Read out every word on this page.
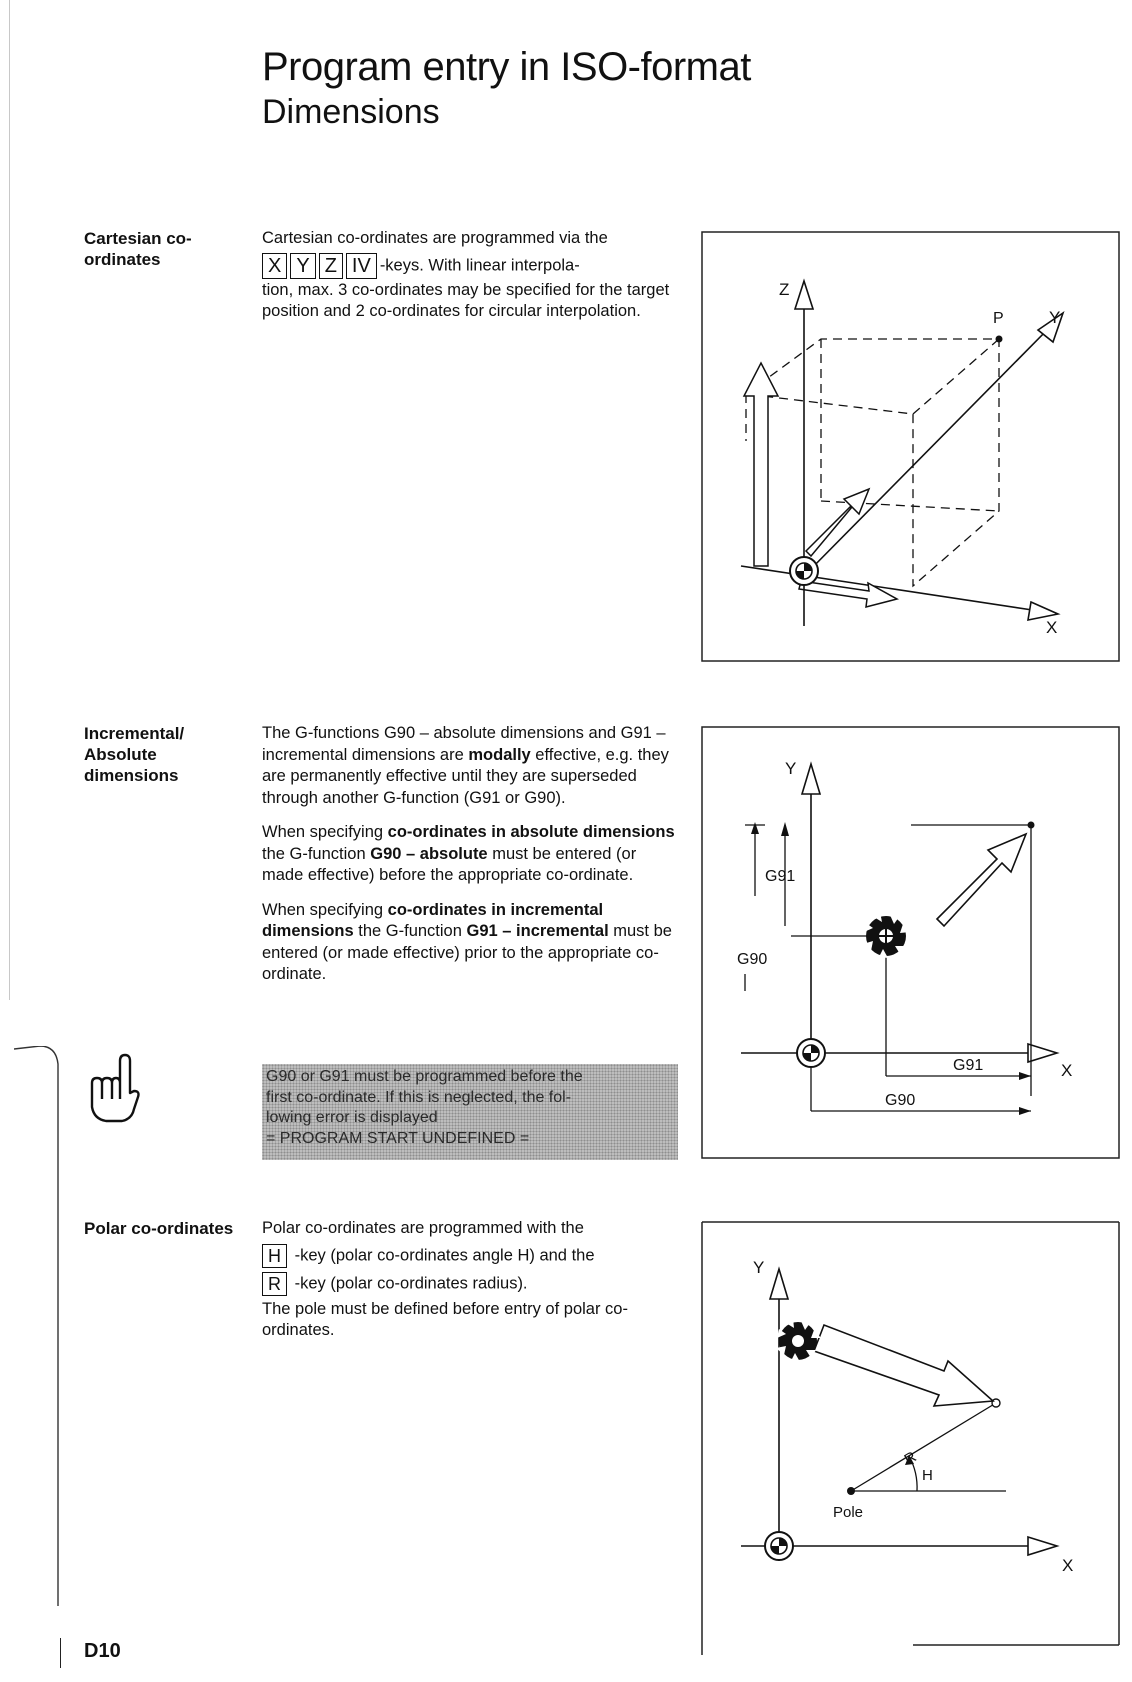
Program entry in ISO-format
Dimensions
Cartesian co-ordinates
Cartesian co-ordinates are programmed via the
X Y Z IV -keys. With linear interpola-
tion, max. 3 co-ordinates may be specified for the target position and 2 co-ordinates for circular interpolation.
Z
X
Y
P
Incremental/ Absolute dimensions

The G-functions G90 – absolute dimensions and G91 – incremental dimensions are modally effective, e.g. they are permanently effective until they are superseded through another G-function (G91 or G90).

When specifying co-ordinates in absolute dimensions the G-function G90 – absolute must be entered (or made effective) before the appropriate co-ordinate.

When specifying co-ordinates in incremental dimensions the G-function G91 – incremental must be entered (or made effective) prior to the appropriate co-ordinate.

G90 or G91 must be programmed before the
first co-ordinate. If this is neglected, the fol-
lowing error is displayed
= PROGRAM START UNDEFINED =
Y
X
G91
G90
G91
G90
Polar co-ordinates Polar co-ordinates are programmed with the
H -key (polar co-ordinates angle H) and the
R -key (polar co-ordinates radius).
The pole must be defined before entry of polar co-ordinates.
Y
X
R
H
Pole
D10
